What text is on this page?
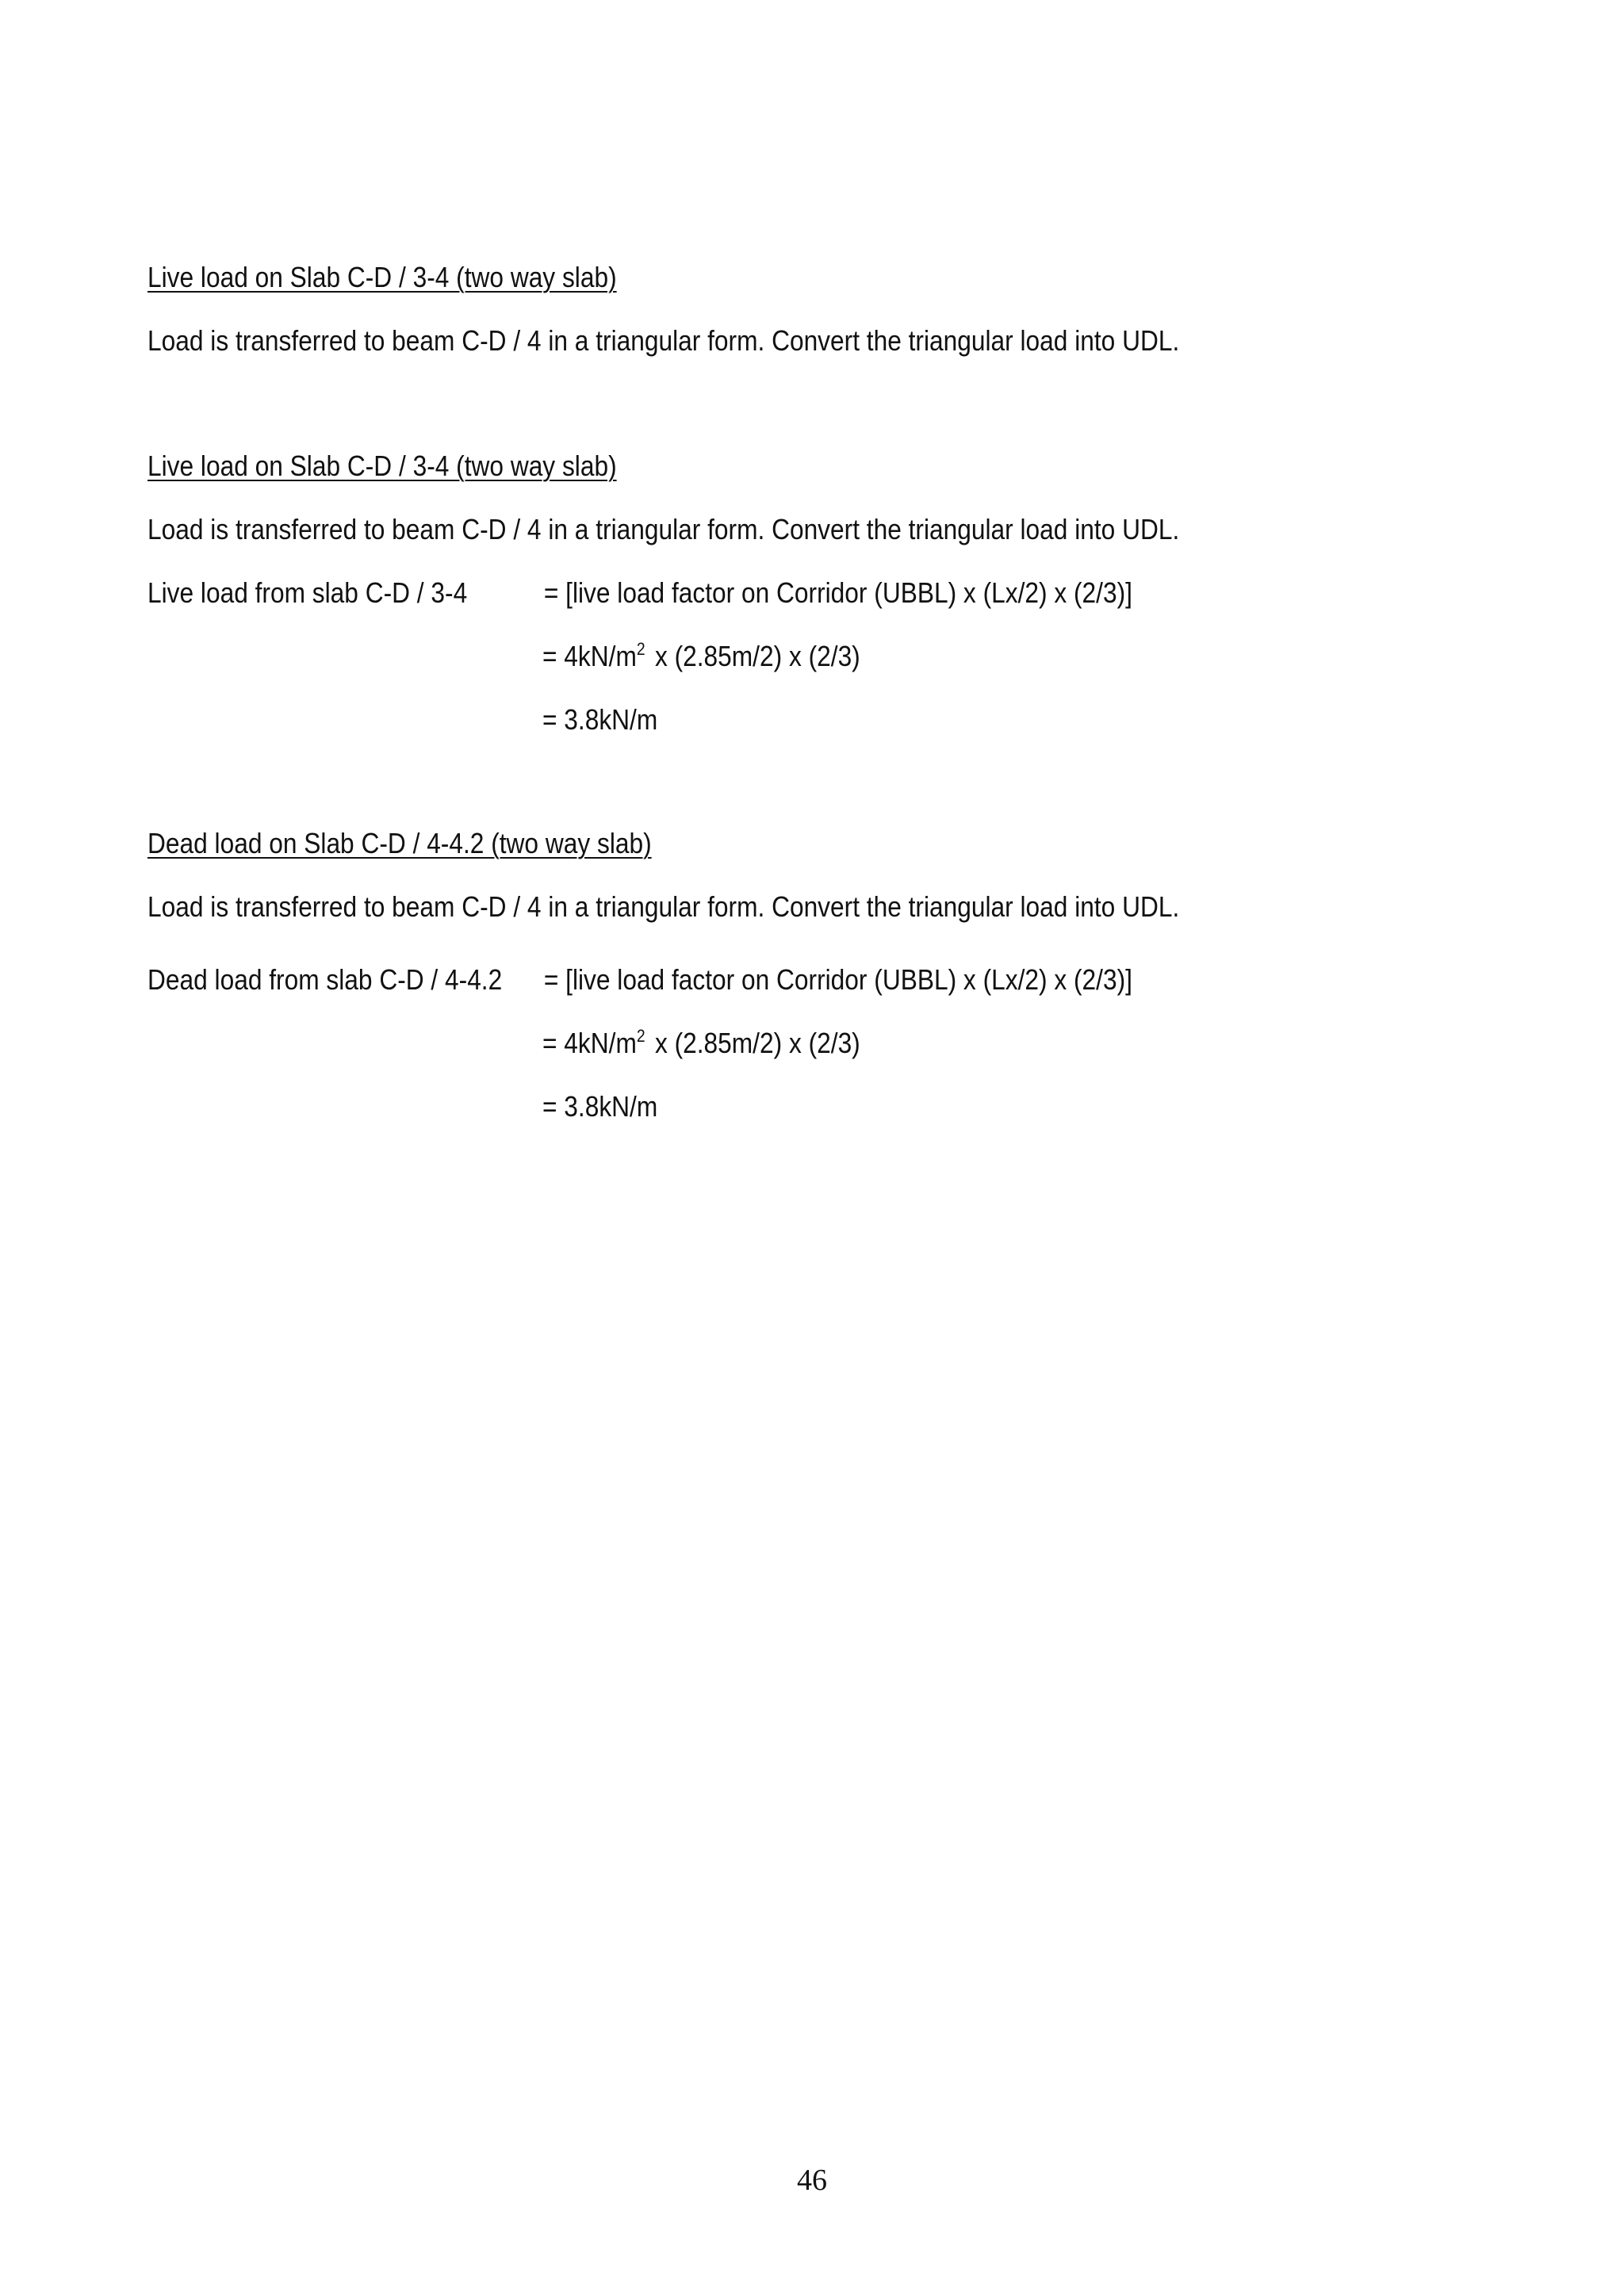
Live load on Slab C-D / 3-4 (two way slab)
Load is transferred to beam C-D / 4 in a triangular form. Convert the triangular load into UDL.
Live load on Slab C-D / 3-4 (two way slab)
Load is transferred to beam C-D / 4 in a triangular form. Convert the triangular load into UDL.
Live load from slab C-D / 3-4	= [live load factor on Corridor (UBBL) x (Lx/2) x (2/3)]
= $4kN/m^2$ x (2.85m/2) x (2/3)
= 3.8kN/m
Dead load on Slab C-D / 4-4.2 (two way slab)
Load is transferred to beam C-D / 4 in a triangular form. Convert the triangular load into UDL.
Dead load from slab C-D / 4-4.2 = [live load factor on Corridor (UBBL) x (Lx/2) x (2/3)]
= $4kN/m^2$ x (2.85m/2) x (2/3)
= 3.8kN/m
46
